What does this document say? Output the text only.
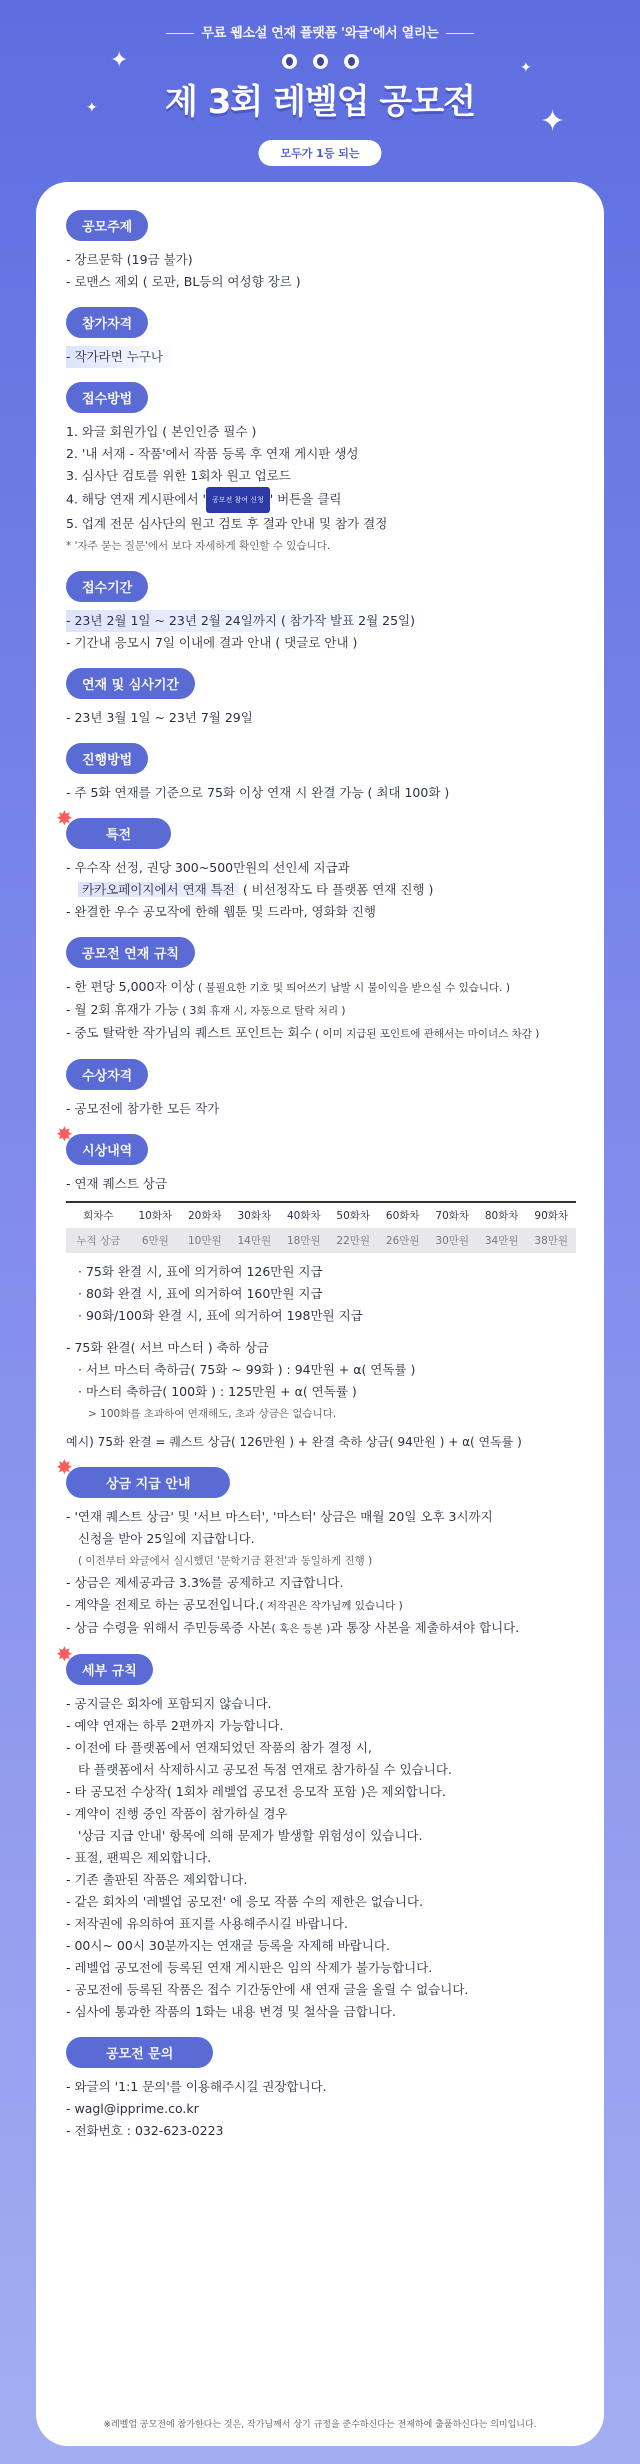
무료 웹소설 연재 플랫폼 '와글'에서 열리는
제 3회 레벨업 공모전
✦
✦
✦
✦
모두가 1등 되는
공모주제
- 장르문학 (19금 불가)
- 로맨스 제외 ( 로판, BL등의 여성향 장르 )
참가자격
- 작가라면 누구나
접수방법
1. 와글 회원가입 ( 본인인증 필수 )
2. '내 서재 - 작품'에서 작품 등록 후 연재 게시판 생성
3. 심사단 검토를 위한 1회차 원고 업로드
4. 해당 연재 게시판에서 ' 공모전 참여 신청 ' 버튼을 클릭
5. 업계 전문 심사단의 원고 검토 후 결과 안내 및 참가 결정
* '자주 묻는 질문'에서 보다 자세하게 확인할 수 있습니다.
접수기간
- 23년 2월 1일 ~ 23년 2월 24일까지 ( 참가작 발표 2월 25일)
- 기간내 응모시 7일 이내에 결과 안내 ( 댓글로 안내 )
연재 및 심사기간
- 23년 3월 1일 ~ 23년 7월 29일
진행방법
- 주 5화 연재를 기준으로 75화 이상 연재 시 완결 가능 ( 최대 100화 )
✸
특전
- 우수작 선정, 권당 300~500만원의 선인세 지급과
카카오페이지에서 연재 특전 ( 비선정작도 타 플랫폼 연재 진행 )
- 완결한 우수 공모작에 한해 웹툰 및 드라마, 영화화 진행
공모전 연재 규칙
- 한 편당 5,000자 이상 ( 불필요한 기호 및 띄어쓰기 남발 시 불이익을 받으실 수 있습니다. )
- 월 2회 휴재가 가능 ( 3회 휴재 시, 자동으로 탈락 처리 )
- 중도 탈락한 작가님의 퀘스트 포인트는 회수 ( 이미 지급된 포인트에 관해서는 마이너스 차감 )
수상자격
- 공모전에 참가한 모든 작가
✸
시상내역
- 연재 퀘스트 상금
회차수	10화차	20화차	30화차	40화차	50화차	60화차	70화차	80화차	90화차
누적 상금	6만원	10만원	14만원	18만원	22만원	26만원	30만원	34만원	38만원
· 75화 완결 시, 표에 의거하여 126만원 지급
· 80화 완결 시, 표에 의거하여 160만원 지급
· 90화/100화 완결 시, 표에 의거하여 198만원 지급
- 75화 완결( 서브 마스터 ) 축하 상금
· 서브 마스터 축하금( 75화 ~ 99화 ) : 94만원 + α( 연독률 )
· 마스터 축하금( 100화 ) : 125만원 + α( 연독률 )
> 100화를 초과하여 연재해도, 초과 상금은 없습니다.
예시) 75화 완결 = 퀘스트 상금( 126만원 ) + 완결 축하 상금( 94만원 ) + α( 연독률 )
✸
상금 지급 안내
- '연재 퀘스트 상금' 및 '서브 마스터', '마스터' 상금은 매월 20일 오후 3시까지
신청을 받아 25일에 지급합니다.
( 이전부터 와글에서 실시했던 '문학기금 환전'과 동일하게 진행 )
- 상금은 제세공과금 3.3%를 공제하고 지급합니다.
- 계약을 전제로 하는 공모전입니다.( 저작권은 작가님께 있습니다 )
- 상금 수령을 위해서 주민등록증 사본( 혹은 등본 )과 통장 사본을 제출하셔야 합니다.
✸
세부 규칙
- 공지글은 회차에 포함되지 않습니다.
- 예약 연재는 하루 2편까지 가능합니다.
- 이전에 타 플랫폼에서 연재되었던 작품의 참가 결정 시,
타 플랫폼에서 삭제하시고 공모전 독점 연재로 참가하실 수 있습니다.
- 타 공모전 수상작( 1회차 레벨업 공모전 응모작 포함 )은 제외합니다.
- 계약이 진행 중인 작품이 참가하실 경우
'상금 지급 안내' 항목에 의해 문제가 발생할 위험성이 있습니다.
- 표절, 팬픽은 제외합니다.
- 기존 출판된 작품은 제외합니다.
- 같은 회차의 '레벨업 공모전' 에 응모 작품 수의 제한은 없습니다.
- 저작권에 유의하여 표지를 사용해주시길 바랍니다.
- 00시~ 00시 30분까지는 연재글 등록을 자제해 바랍니다.
- 레벨업 공모전에 등록된 연재 게시판은 임의 삭제가 불가능합니다.
- 공모전에 등록된 작품은 접수 기간동안에 새 연재 글을 올릴 수 없습니다.
- 심사에 통과한 작품의 1화는 내용 변경 및 철삭을 금합니다.
공모전 문의
- 와글의 '1:1 문의'를 이용해주시길 권장합니다.
- wagl@ipprime.co.kr
- 전화번호 : 032-623-0223
※레벨업 공모전에 참가한다는 것은, 작가님께서 상기 규정을 준수하신다는 전제하에 출품하신다는 의미입니다.
